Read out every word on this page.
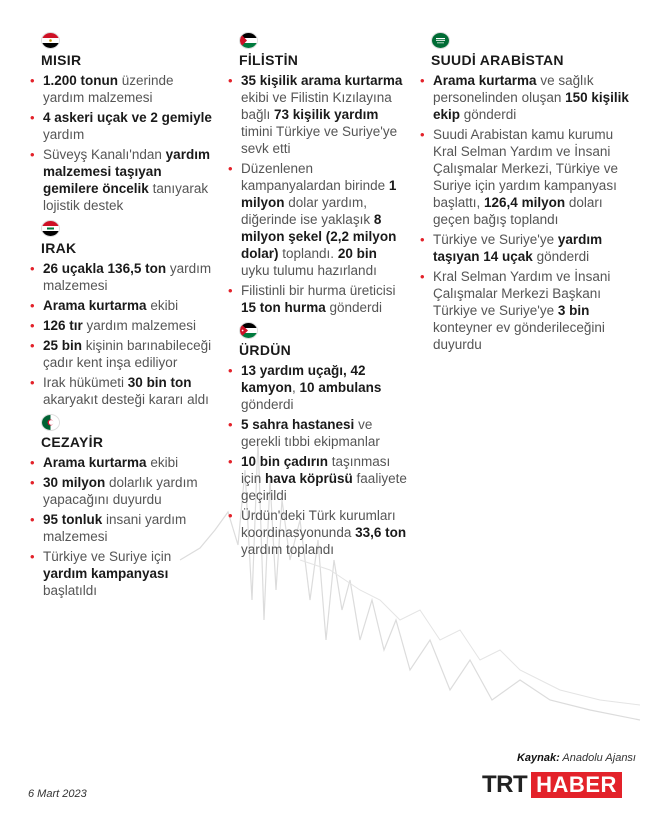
MISIR
• 1.200 tonun üzerinde yardım malzemesi
• 4 askeri uçak ve 2 gemiyle yardım
• Süveyş Kanalı'ndan yardım malzemesi taşıyan gemilere öncelik tanıyarak lojistik destek
IRAK
• 26 uçakla 136,5 ton yardım malzemesi
• Arama kurtarma ekibi
• 126 tır yardım malzemesi
• 25 bin kişinin barınabileceği çadır kent inşa ediliyor
• Irak hükümeti 30 bin ton akaryakıt desteği kararı aldı
CEZAYİR
• Arama kurtarma ekibi
• 30 milyon dolarlık yardım yapacağını duyurdu
• 95 tonluk insani yardım malzemesi
• Türkiye ve Suriye için yardım kampanyası başlatıldı
FİLİSTİN
• 35 kişilik arama kurtarma ekibi ve Filistin Kızılayına bağlı 73 kişilik yardım timini Türkiye ve Suriye'ye sevk etti
• Düzenlenen kampanyalardan birinde 1 milyon dolar yardım, diğerinde ise yaklaşık 8 milyon şekel (2,2 milyon dolar) toplandı. 20 bin uyku tulumu hazırlandı
• Filistinli bir hurma üreticisi 15 ton hurma gönderdi
ÜRDÜN
• 13 yardım uçağı, 42 kamyon, 10 ambulans gönderdi
• 5 sahra hastanesi ve gerekli tıbbi ekipmanlar
• 10 bin çadırın taşınması için hava köprüsü faaliyete geçirildi
• Ürdün'deki Türk kurumları koordinasyonunda 33,6 ton yardım toplandı
SUUDİ ARABİSTAN
• Arama kurtarma ve sağlık personelinden oluşan 150 kişilik ekip gönderdi
• Suudi Arabistan kamu kurumu Kral Selman Yardım ve İnsani Çalışmalar Merkezi, Türkiye ve Suriye için yardım kampanyası başlattı, 126,4 milyon doları geçen bağış toplandı
• Türkiye ve Suriye'ye yardım taşıyan 14 uçak gönderdi
• Kral Selman Yardım ve İnsani Çalışmalar Merkezi Başkanı Türkiye ve Suriye'ye 3 bin konteyner ev gönderileceğini duyurdu
Kaynak: Anadolu Ajansı
TRT HABER
6 Mart 2023
